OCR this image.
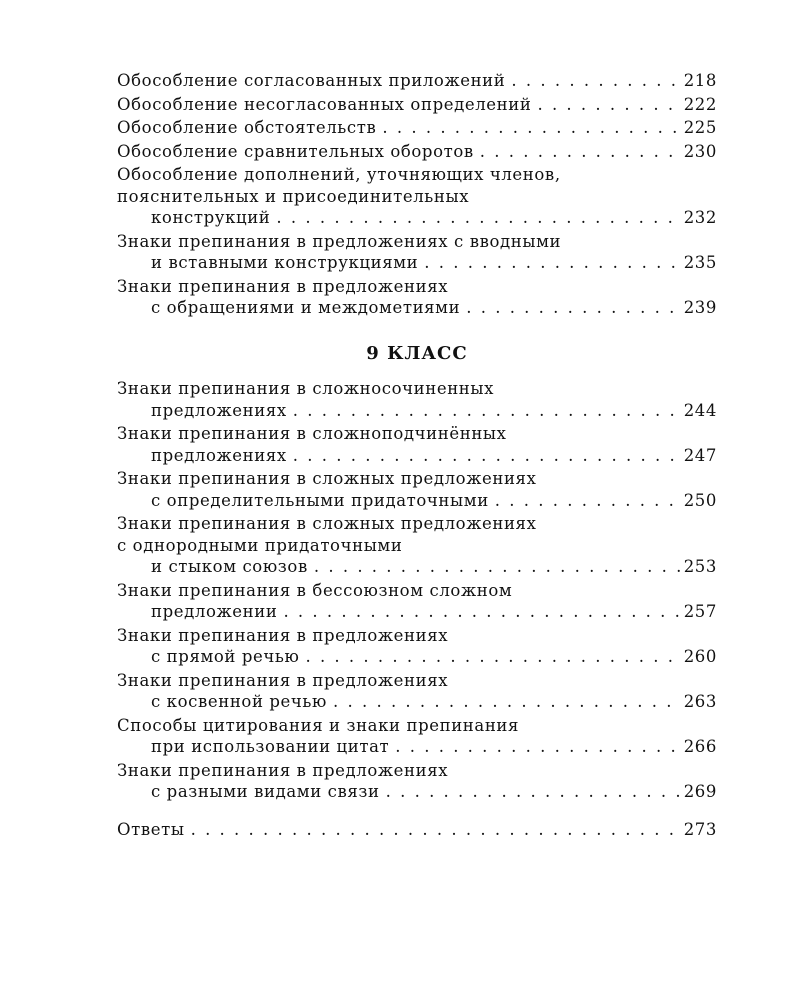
Обособление согласованных приложений . . .	218
Обособление несогласованных определений . . .	222
Обособление обстоятельств . . .	225
Обособление сравнительных оборотов . . .	230
Обособление дополнений, уточняющих членов,
пояснительных и присоединительных
конструкций . . .	232
Знаки препинания в предложениях с вводными
и вставными конструкциями . . .	235
Знаки препинания в предложениях
с обращениями и междометиями . . .	239
9 КЛАСС
Знаки препинания в сложносочиненных
предложениях . . .	244
Знаки препинания в сложноподчинённых
предложениях . . .	247
Знаки препинания в сложных предложениях
с определительными придаточными . . .	250
Знаки препинания в сложных предложениях
с однородными придаточными
и стыком союзов . . .	253
Знаки препинания в бессоюзном сложном
предложении . . .	257
Знаки препинания в предложениях
с прямой речью . . .	260
Знаки препинания в предложениях
с косвенной речью . . .	263
Способы цитирования и знаки препинания
при использовании цитат . . .	266
Знаки препинания в предложениях
с разными видами связи . . .	269
Ответы . . .	273
